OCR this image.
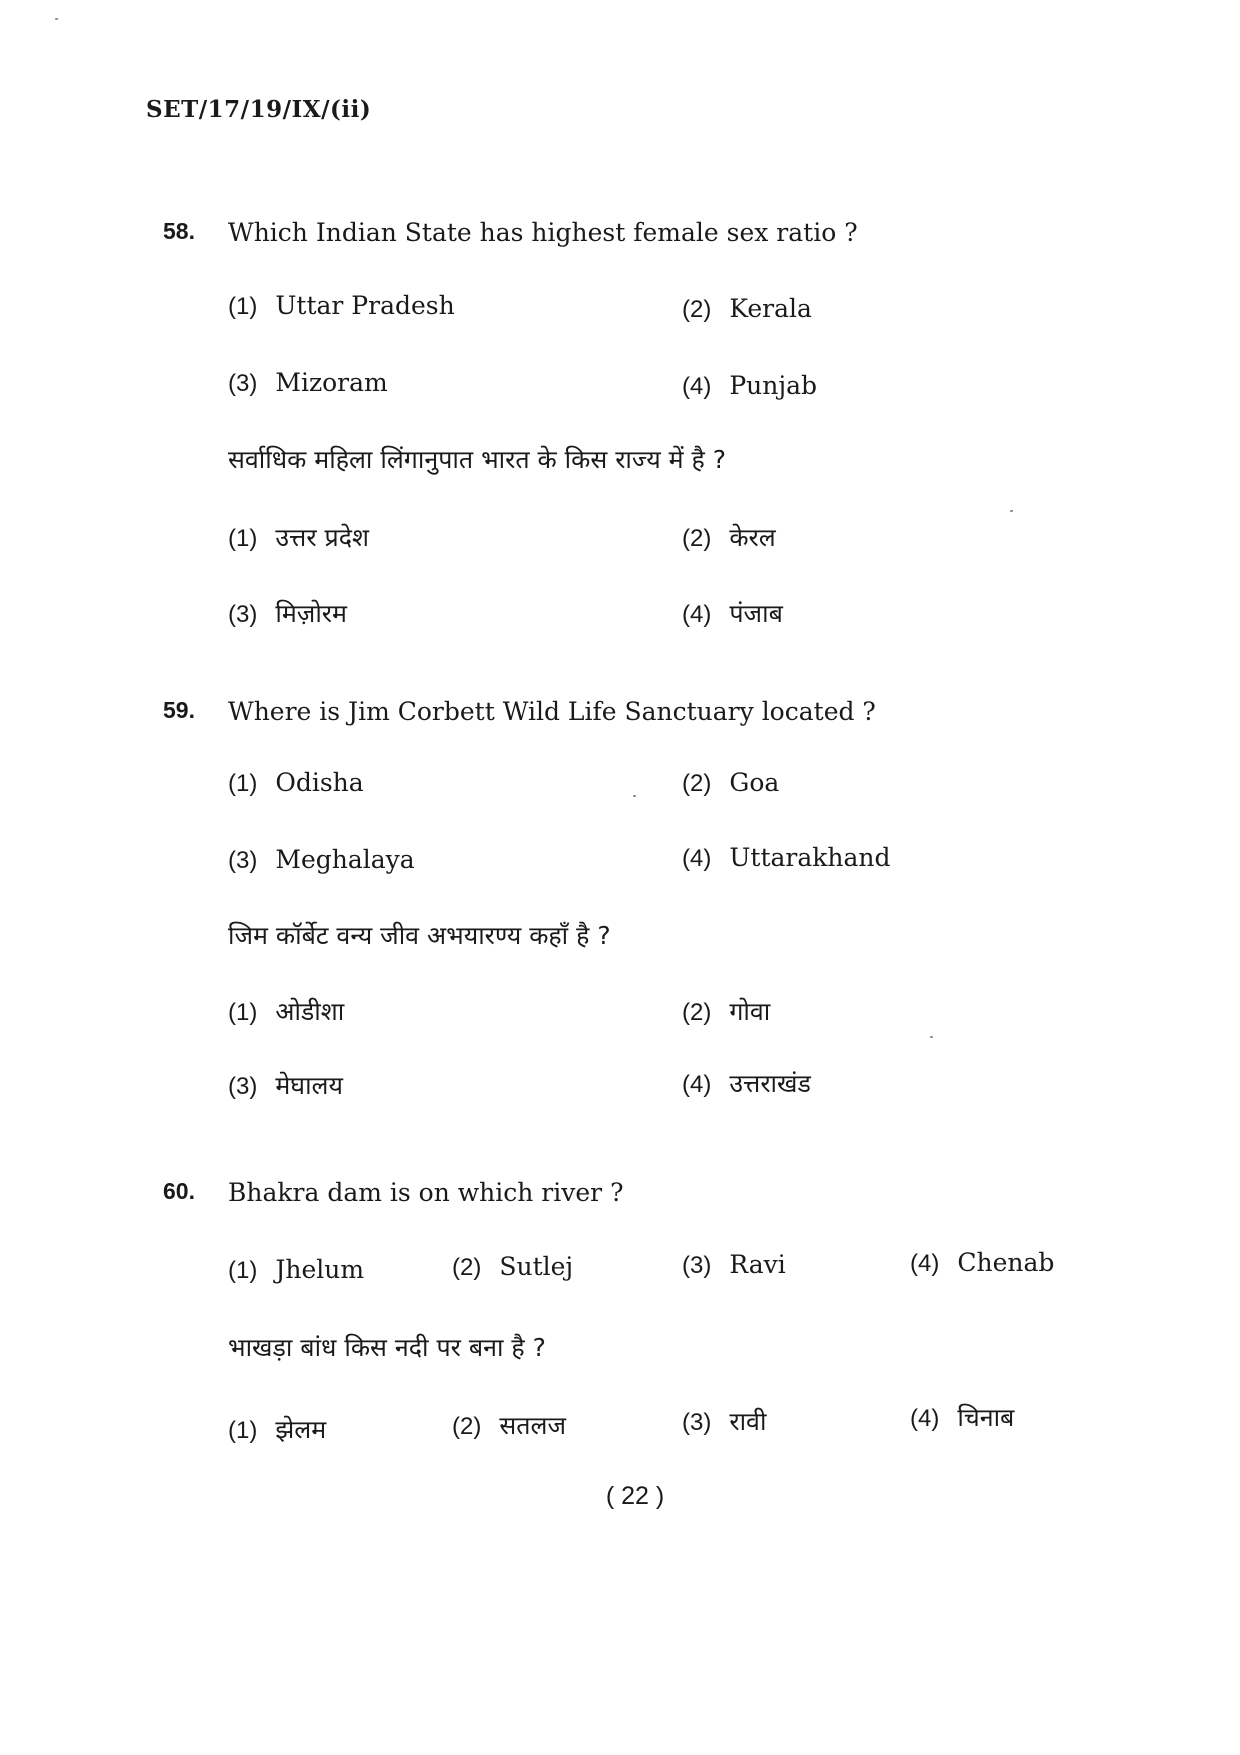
SET/17/19/IX/(ii)
58. Which Indian State has highest female sex ratio ?
(1) Uttar Pradesh	(2) Kerala
(3) Mizoram	(4) Punjab
सर्वाधिक महिला लिंगानुपात भारत के किस राज्य में है ?
(1) उत्तर प्रदेश	(2) केरल
(3) मिज़ोरम	(4) पंजाब
59. Where is Jim Corbett Wild Life Sanctuary located ?
(1) Odisha	(2) Goa
(3) Meghalaya	(4) Uttarakhand
जिम कॉर्बेट वन्य जीव अभयारण्य कहाँ है ?
(1) ओडीशा	(2) गोवा
(3) मेघालय	(4) उत्तराखंड
60. Bhakra dam is on which river ?
(1) Jhelum	(2) Sutlej	(3) Ravi	(4) Chenab
भाखड़ा बांध किस नदी पर बना है ?
(1) झेलम	(2) सतलज	(3) रावी	(4) चिनाब
( 22 )
